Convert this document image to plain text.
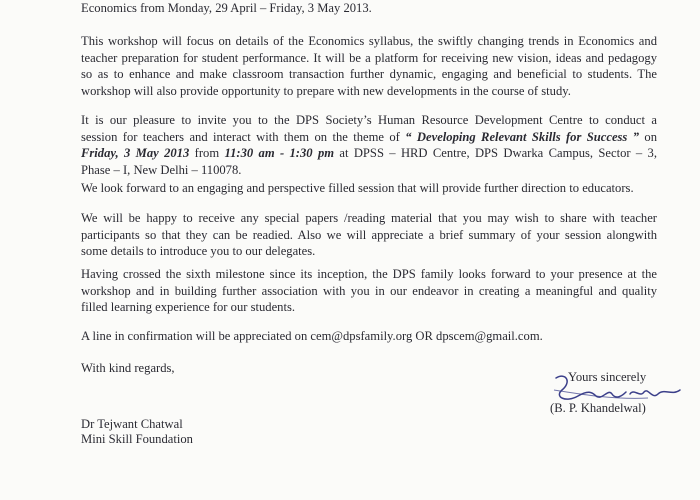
Economics from Monday, 29 April – Friday, 3 May 2013.
This workshop will focus on details of the Economics syllabus, the swiftly changing trends in Economics and
teacher preparation for student performance. It will be a platform for receiving new vision, ideas and pedagogy
so as to enhance and make classroom transaction further dynamic, engaging and beneficial to students. The
workshop will also provide opportunity to prepare with new developments in the course of study.
It is our pleasure to invite you to the DPS Society’s Human Resource Development Centre to conduct a
session for teachers and interact with them on the theme of “ Developing Relevant Skills for Success ” on
Friday, 3 May 2013 from 11:30 am - 1:30 pm at DPSS – HRD Centre, DPS Dwarka Campus, Sector – 3,
Phase – I, New Delhi – 110078.
We look forward to an engaging and perspective filled session that will provide further direction to educators.
We will be happy to receive any special papers /reading material that you may wish to share with teacher
participants so that they can be readied. Also we will appreciate a brief summary of your session alongwith
some details to introduce you to our delegates.
Having crossed the sixth milestone since its inception, the DPS family looks forward to your presence at the
workshop and in building further association with you in our endeavor in creating a meaningful and quality
filled learning experience for our students.
A line in confirmation will be appreciated on cem@dpsfamily.org OR dpscem@gmail.com.
With kind regards,
Yours sincerely
(B. P. Khandelwal)
Dr Tejwant Chatwal
Mini Skill Foundation
